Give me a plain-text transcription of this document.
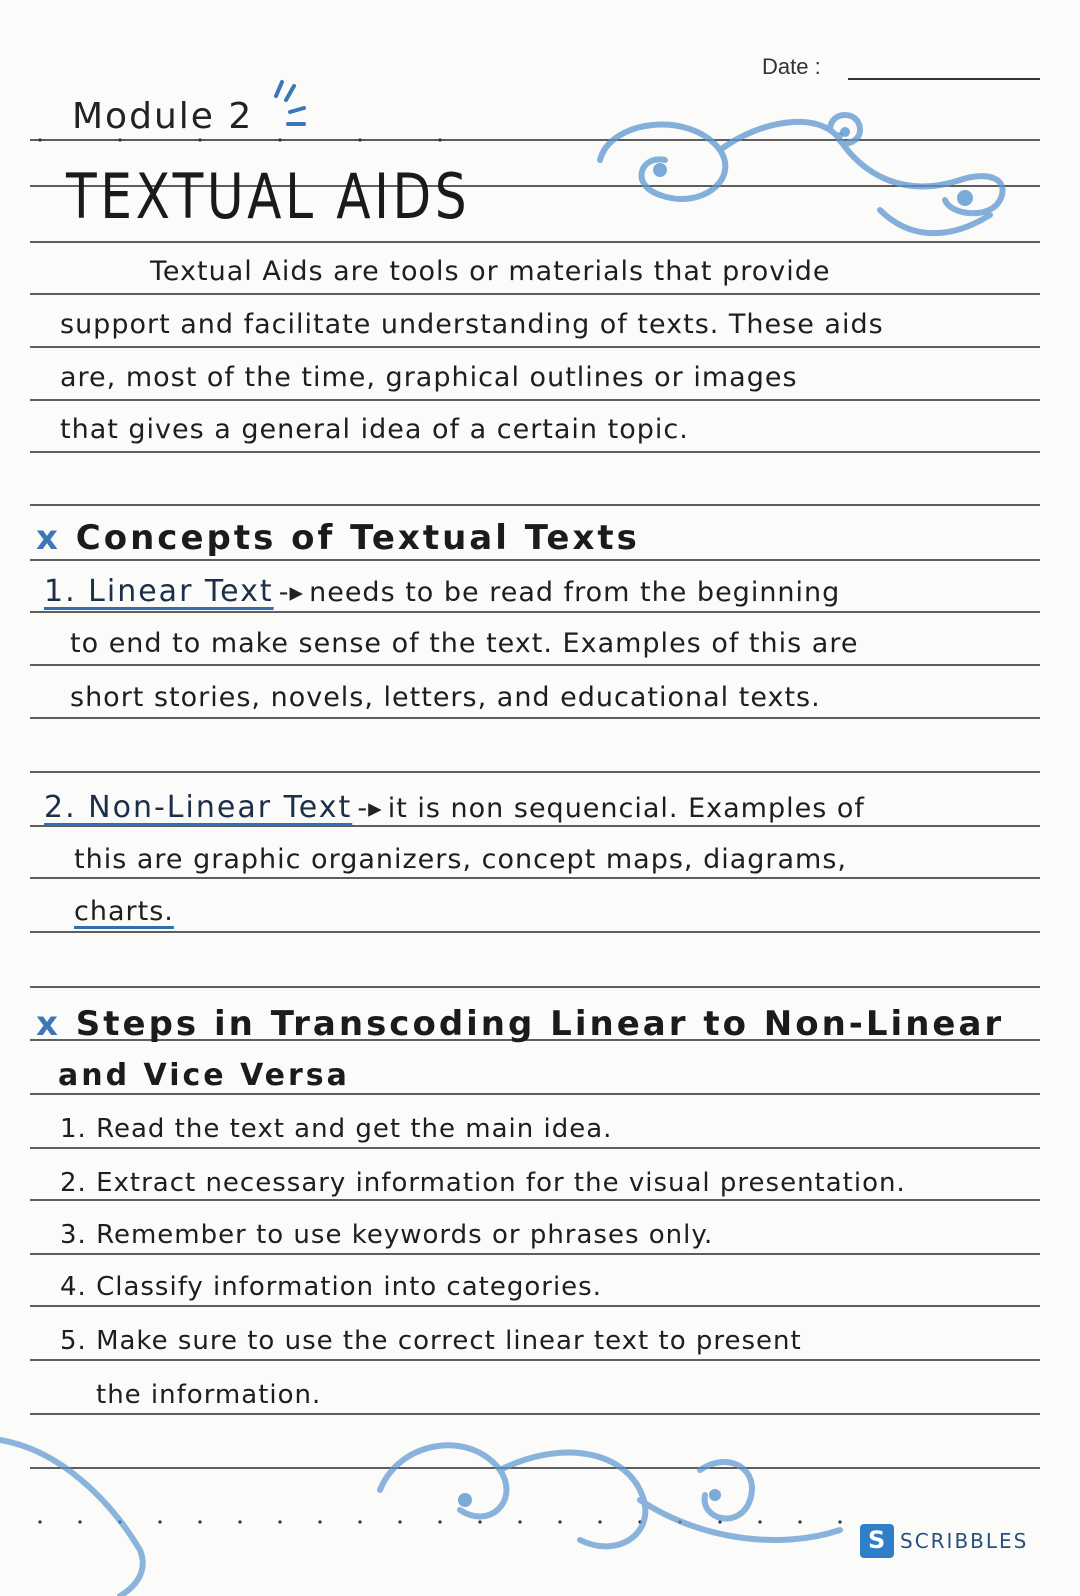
Date :
Module 2
TEXTUAL AIDS
Textual Aids are tools or materials that provide
support and facilitate understanding of texts. These aids
are, most of the time, graphical outlines or images
that gives a general idea of a certain topic.
x Concepts of Textual Texts
1. Linear Text -▸ needs to be read from the beginning
to end to make sense of the text. Examples of this are
short stories, novels, letters, and educational texts.
2. Non-Linear Text -▸ it is non sequencial. Examples of
this are graphic organizers, concept maps, diagrams,
charts.
x Steps in Transcoding Linear to Non-Linear
and Vice Versa
1. Read the text and get the main idea.
2. Extract necessary information for the visual presentation.
3. Remember to use keywords or phrases only.
4. Classify information into categories.
5. Make sure to use the correct linear text to present
the information.
S
SCRIBBLES
